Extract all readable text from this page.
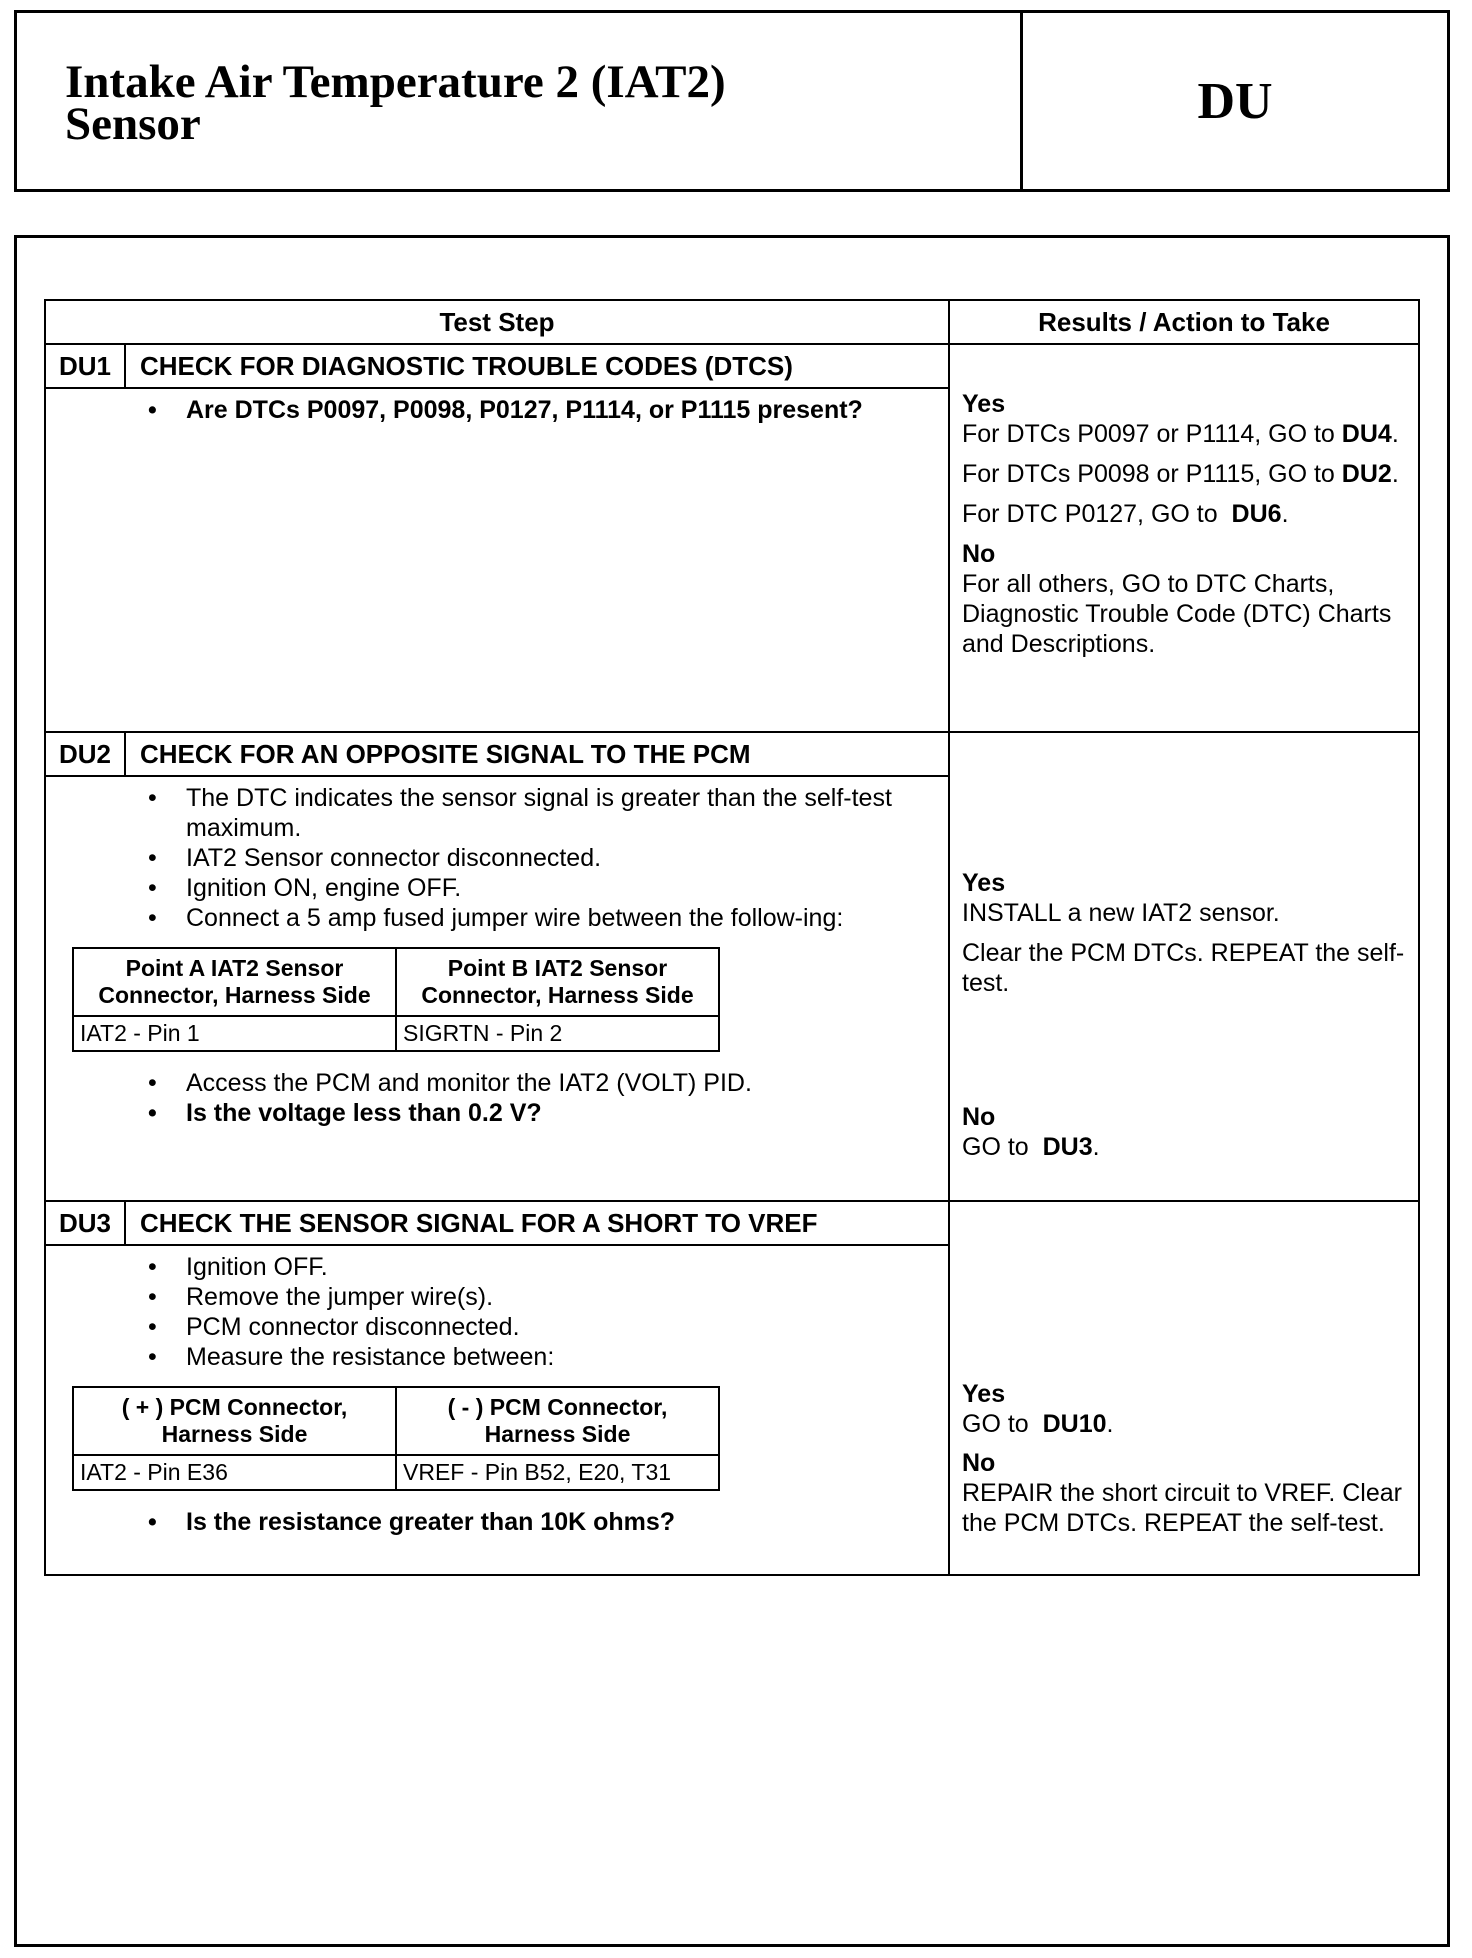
Intake Air Temperature 2 (IAT2)
Sensor	DU
Test Step	Results / Action to Take
DU1	CHECK FOR DIAGNOSTIC TROUBLE CODES (DTCS)
• Are DTCs P0097, P0098, P0127, P1114, or P1115 present?	Yes
For DTCs P0097 or P1114, GO to DU4.
For DTCs P0098 or P1115, GO to DU2.
For DTC P0127, GO to DU6.
No
For all others, GO to DTC Charts, Diagnostic Trouble Code (DTC) Charts and Descriptions.
DU2	CHECK FOR AN OPPOSITE SIGNAL TO THE PCM
• The DTC indicates the sensor signal is greater than the self-test maximum.
• IAT2 Sensor connector disconnected.
• Ignition ON, engine OFF.
• Connect a 5 amp fused jumper wire between the follow-ing:
Point A IAT2 Sensor Connector, Harness Side	Point B IAT2 Sensor Connector, Harness Side
IAT2 - Pin 1	SIGRTN - Pin 2
• Access the PCM and monitor the IAT2 (VOLT) PID.
• Is the voltage less than 0.2 V?
Yes
INSTALL a new IAT2 sensor.
Clear the PCM DTCs. REPEAT the self-test.
No
GO to DU3.
DU3	CHECK THE SENSOR SIGNAL FOR A SHORT TO VREF
• Ignition OFF.
• Remove the jumper wire(s).
• PCM connector disconnected.
• Measure the resistance between:
( + ) PCM Connector, Harness Side	( - ) PCM Connector, Harness Side
IAT2 - Pin E36	VREF - Pin B52, E20, T31
• Is the resistance greater than 10K ohms?
Yes
GO to DU10.
No
REPAIR the short circuit to VREF. Clear the PCM DTCs. REPEAT the self-test.
